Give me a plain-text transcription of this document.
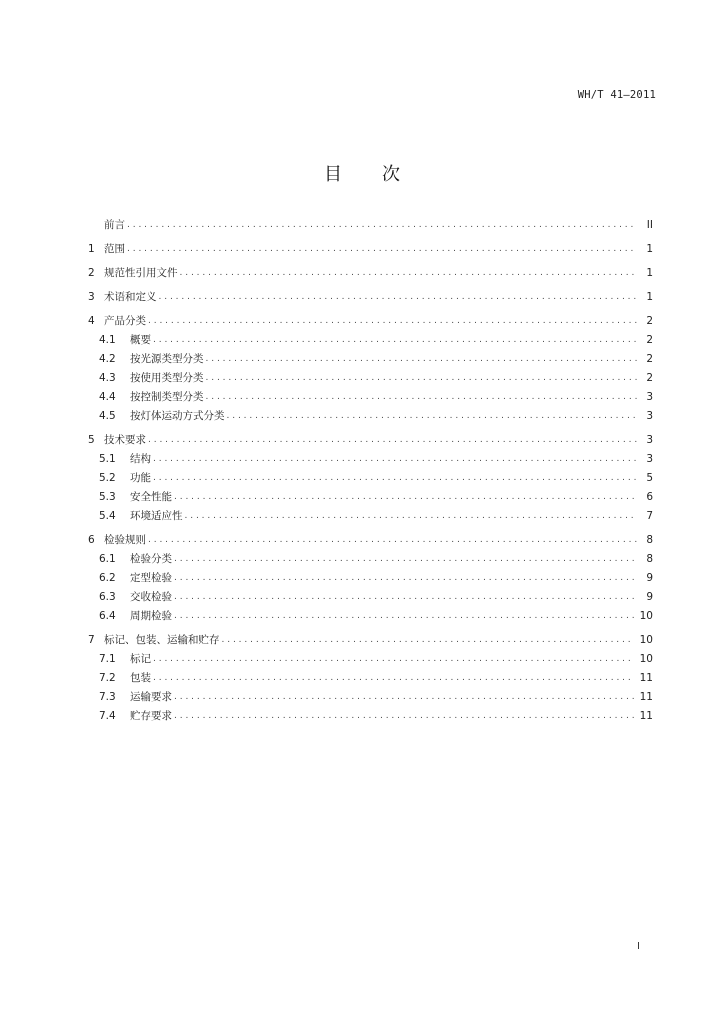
WH/T 41—2011
目 次
前言 . . .	II
1 范围 . . .	1
2 规范性引用文件 . . .	1
3 术语和定义 . . .	1
4 产品分类 . . .	2
4.1	概要 . . .	2
4.2	按光源类型分类 . . .	2
4.3	按使用类型分类 . . .	2
4.4	按控制类型分类 . . .	3
4.5	按灯体运动方式分类 . . .	3
5 技术要求 . . .	3
5.1	结构 . . .	3
5.2	功能 . . .	5
5.3	安全性能 . . .	6
5.4	环境适应性 . . .	7
6 检验规则 . . .	8
6.1	检验分类 . . .	8
6.2	定型检验 . . .	9
6.3	交收检验 . . .	9
6.4	周期检验 . . .	10
7 标记、包装、运输和贮存 . . .	10
7.1	标记 . . .	10
7.2	包装 . . .	11
7.3	运输要求 . . .	11
7.4	贮存要求 . . .	11
I
